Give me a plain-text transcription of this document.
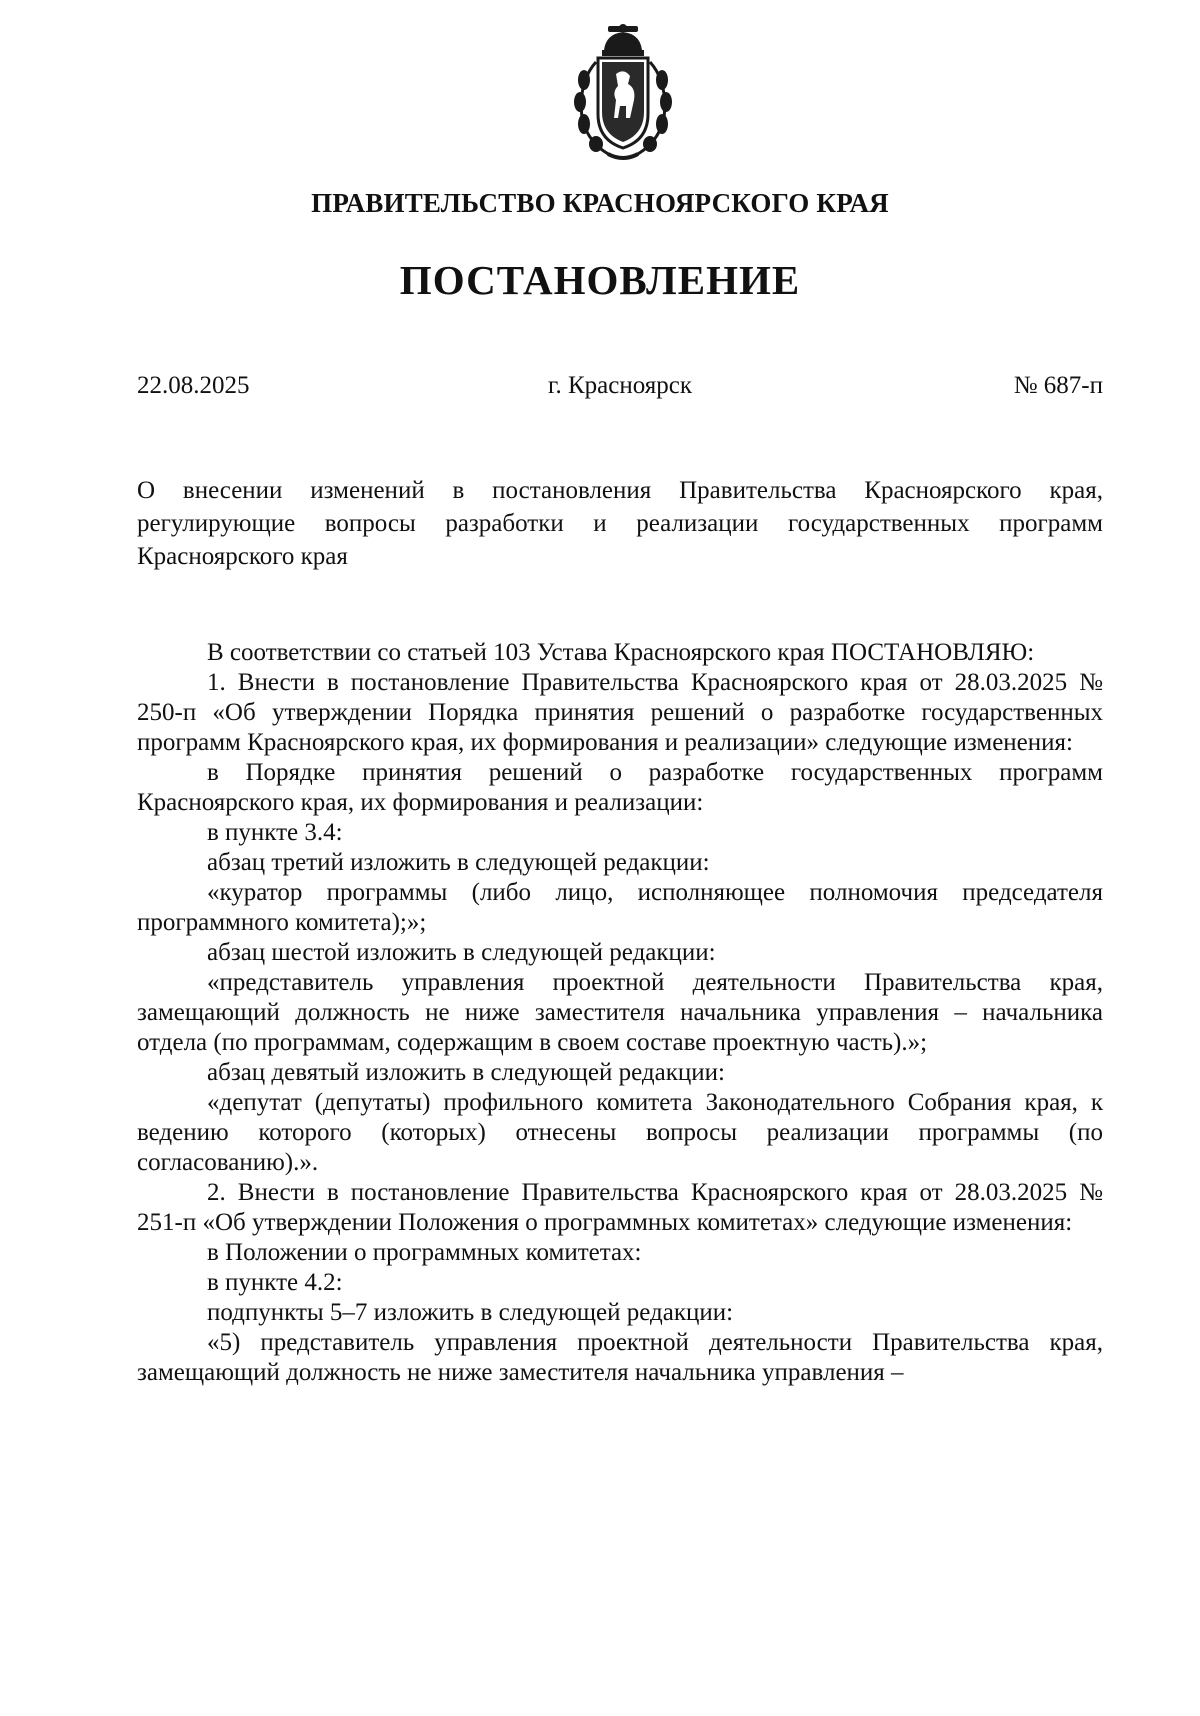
ПРАВИТЕЛЬСТВО КРАСНОЯРСКОГО КРАЯ
ПОСТАНОВЛЕНИЕ
г. Красноярск
22.08.2025	№ 687-п
О внесении изменений в постановления Правительства Красноярского края, регулирующие вопросы разработки и реализации государственных программ Красноярского края

В соответствии со статьей 103 Устава Красноярского края ПОСТАНОВЛЯЮ:

1. Внести в постановление Правительства Красноярского края от 28.03.2025 № 250-п «Об утверждении Порядка принятия решений о разработке государственных программ Красноярского края, их формирования и реализации» следующие изменения:

в Порядке принятия решений о разработке государственных программ Красноярского края, их формирования и реализации:

в пункте 3.4:

абзац третий изложить в следующей редакции:

«куратор программы (либо лицо, исполняющее полномочия председателя программного комитета);»;

абзац шестой изложить в следующей редакции:

«представитель управления проектной деятельности Правительства края, замещающий должность не ниже заместителя начальника управления – начальника отдела (по программам, содержащим в своем составе проектную часть).»;

абзац девятый изложить в следующей редакции:

«депутат (депутаты) профильного комитета Законодательного Собрания края, к ведению которого (которых) отнесены вопросы реализации программы (по согласованию).».

2. Внести в постановление Правительства Красноярского края от 28.03.2025 № 251-п «Об утверждении Положения о программных комитетах» следующие изменения:

в Положении о программных комитетах:

в пункте 4.2:

подпункты 5–7 изложить в следующей редакции:

«5) представитель управления проектной деятельности Правительства края, замещающий должность не ниже заместителя начальника управления –
